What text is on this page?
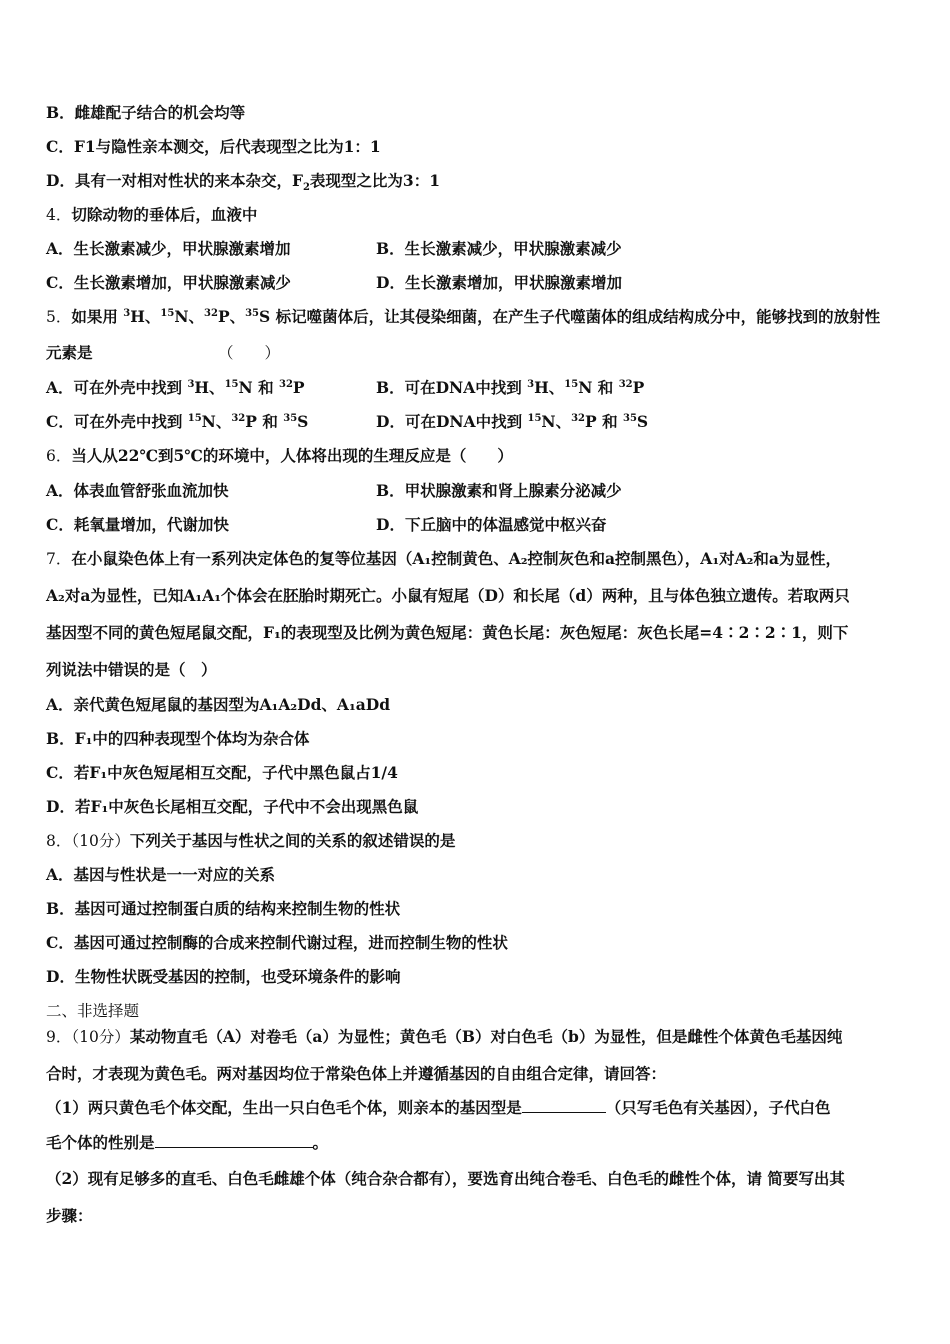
B．雌雄配子结合的机会均等
C．F1与隐性亲本测交，后代表现型之比为1：1
D．具有一对相对性状的来本杂交，$F_2$表现型之比为3：1
4．切除动物的垂体后，血液中
A．生长激素减少，甲状腺激素增加	B．生长激素减少，甲状腺激素减少
C．生长激素增加，甲状腺激素减少	D．生长激素增加，甲状腺激素增加
5．如果用 $^3$H、$^{15}$N、$^{32}$P、$^{35}$S 标记噬菌体后，让其侵染细菌，在产生子代噬菌体的组成结构成分中，能够找到的放射性
元素是	（　　）
A．可在外壳中找到 $^3$H、$^{15}$N 和 $^{32}$P	B．可在DNA中找到 $^3$H、$^{15}$N 和 $^{32}$P
C．可在外壳中找到 $^{15}$N、$^{32}$P 和 $^{35}$S	D．可在DNA中找到 $^{15}$N、$^{32}$P 和 $^{35}$S
6．当人从22℃到5℃的环境中，人体将出现的生理反应是（　　）
A．体表血管舒张血流加快	B．甲状腺激素和肾上腺素分泌减少
C．耗氧量增加，代谢加快	D．下丘脑中的体温感觉中枢兴奋
7．在小鼠染色体上有一系列决定体色的复等位基因（A₁控制黄色、A₂控制灰色和a控制黑色），A₁对A₂和a为显性，
A₂对a为显性，已知A₁A₁个体会在胚胎时期死亡。小鼠有短尾（D）和长尾（d）两种，且与体色独立遗传。若取两只
基因型不同的黄色短尾鼠交配，F₁的表现型及比例为黄色短尾：黄色长尾：灰色短尾：灰色长尾=4∶2∶2∶1，则下
列说法中错误的是（　）
A．亲代黄色短尾鼠的基因型为A₁A₂Dd、A₁aDd
B．F₁中的四种表现型个体均为杂合体
C．若F₁中灰色短尾相互交配，子代中黑色鼠占1/4
D．若F₁中灰色长尾相互交配，子代中不会出现黑色鼠
8．（10分）下列关于基因与性状之间的关系的叙述错误的是
A．基因与性状是一一对应的关系
B．基因可通过控制蛋白质的结构来控制生物的性状
C．基因可通过控制酶的合成来控制代谢过程，进而控制生物的性状
D．生物性状既受基因的控制，也受环境条件的影响
二、非选择题
9．（10分）某动物直毛（A）对卷毛（a）为显性；黄色毛（B）对白色毛（b）为显性，但是雌性个体黄色毛基因纯
合时，才表现为黄色毛。两对基因均位于常染色体上并遵循基因的自由组合定律，请回答：
（1）两只黄色毛个体交配，生出一只白色毛个体，则亲本的基因型是	（只写毛色有关基因），子代白色
毛个体的性别是	。
（2）现有足够多的直毛、白色毛雌雄个体（纯合杂合都有），要选育出纯合卷毛、白色毛的雌性个体，请 简要写出其
步骤：
